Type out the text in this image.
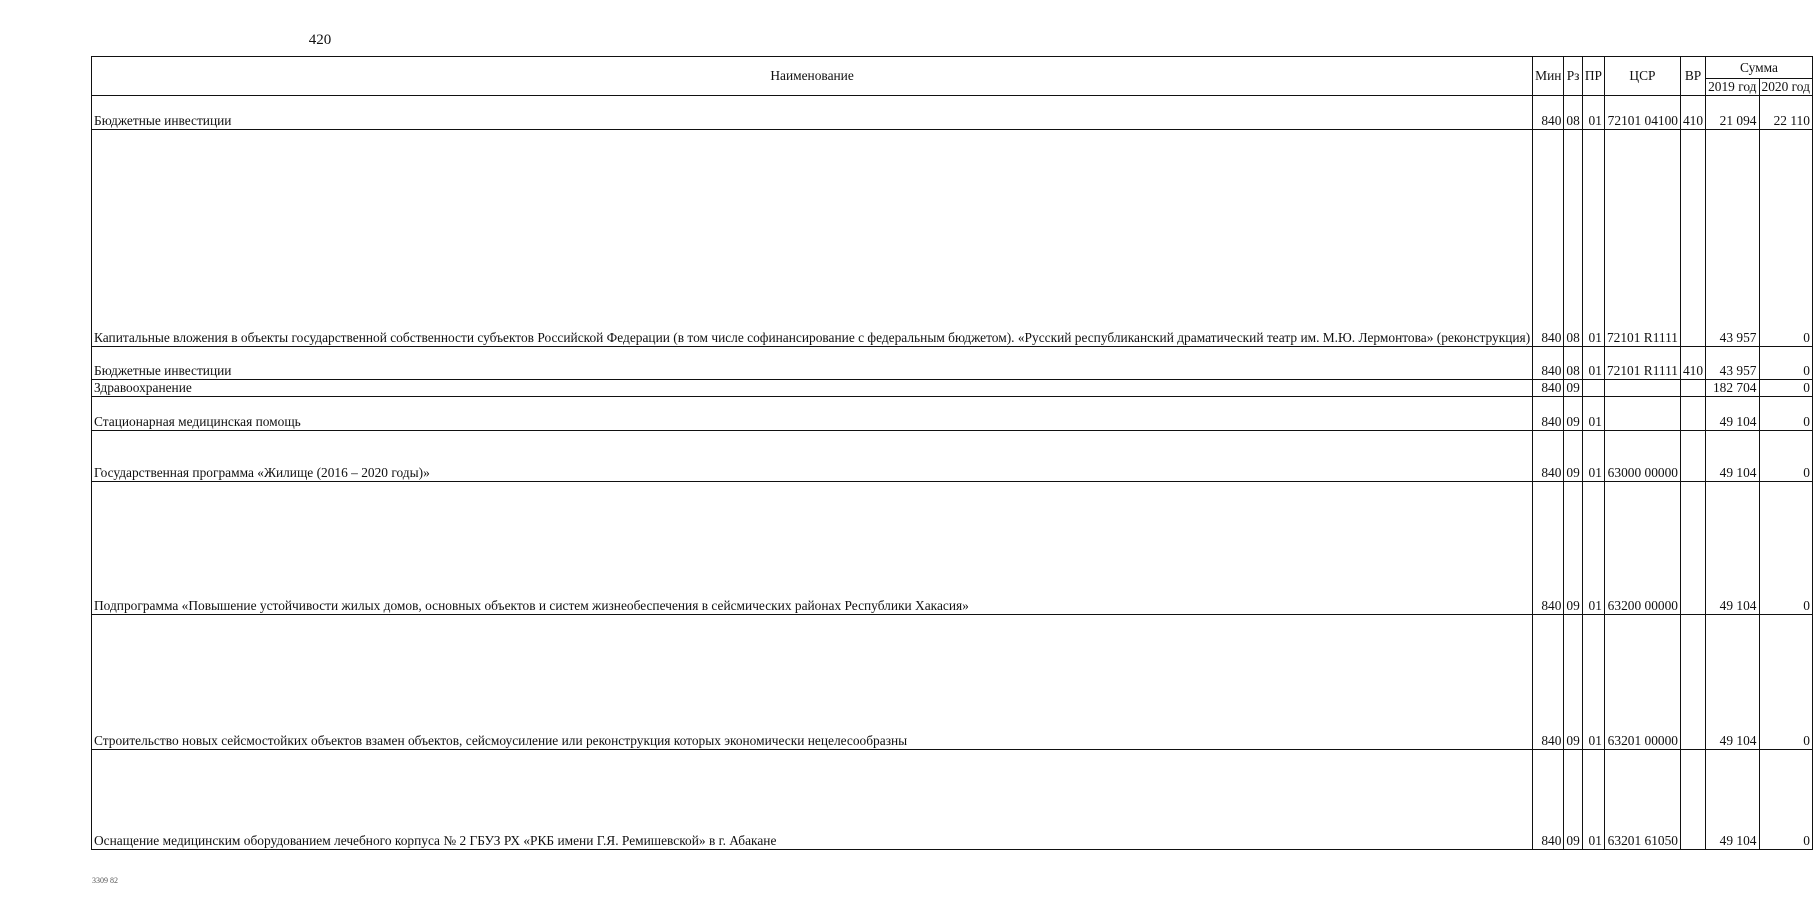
420
Наименование	Мин	Рз	ПР	ЦСР	ВР	Сумма	
						2019 год	2020 год
Бюджетные инвестиции	840	08	01	72101 04100	410	21 094	22 110
Капитальные вложения в объекты государственной собственности субъектов Российской Федерации (в том числе софинансирование с федеральным бюджетом). «Русский республиканский драматический театр им. М.Ю. Лермонтова» (реконструкция)	840	08	01	72101 R1111		43 957	0
Бюджетные инвестиции	840	08	01	72101 R1111	410	43 957	0
Здравоохранение	840	09				182 704	0
Стационарная медицинская помощь	840	09	01			49 104	0
Государственная программа «Жилище (2016 – 2020 годы)»	840	09	01	63000 00000		49 104	0
Подпрограмма «Повышение устойчивости жилых домов, основных объектов и систем жизнеобеспечения в сейсмических районах Республики Хакасия»	840	09	01	63200 00000		49 104	0
Строительство новых сейсмостойких объектов взамен объектов, сейсмоусиление или реконструкция которых экономически нецелесообразны	840	09	01	63201 00000		49 104	0
Оснащение медицинским оборудованием лечебного корпуса № 2 ГБУЗ РХ «РКБ имени Г.Я. Ремишевской» в г. Абакане	840	09	01	63201 61050		49 104	0
3309 82
